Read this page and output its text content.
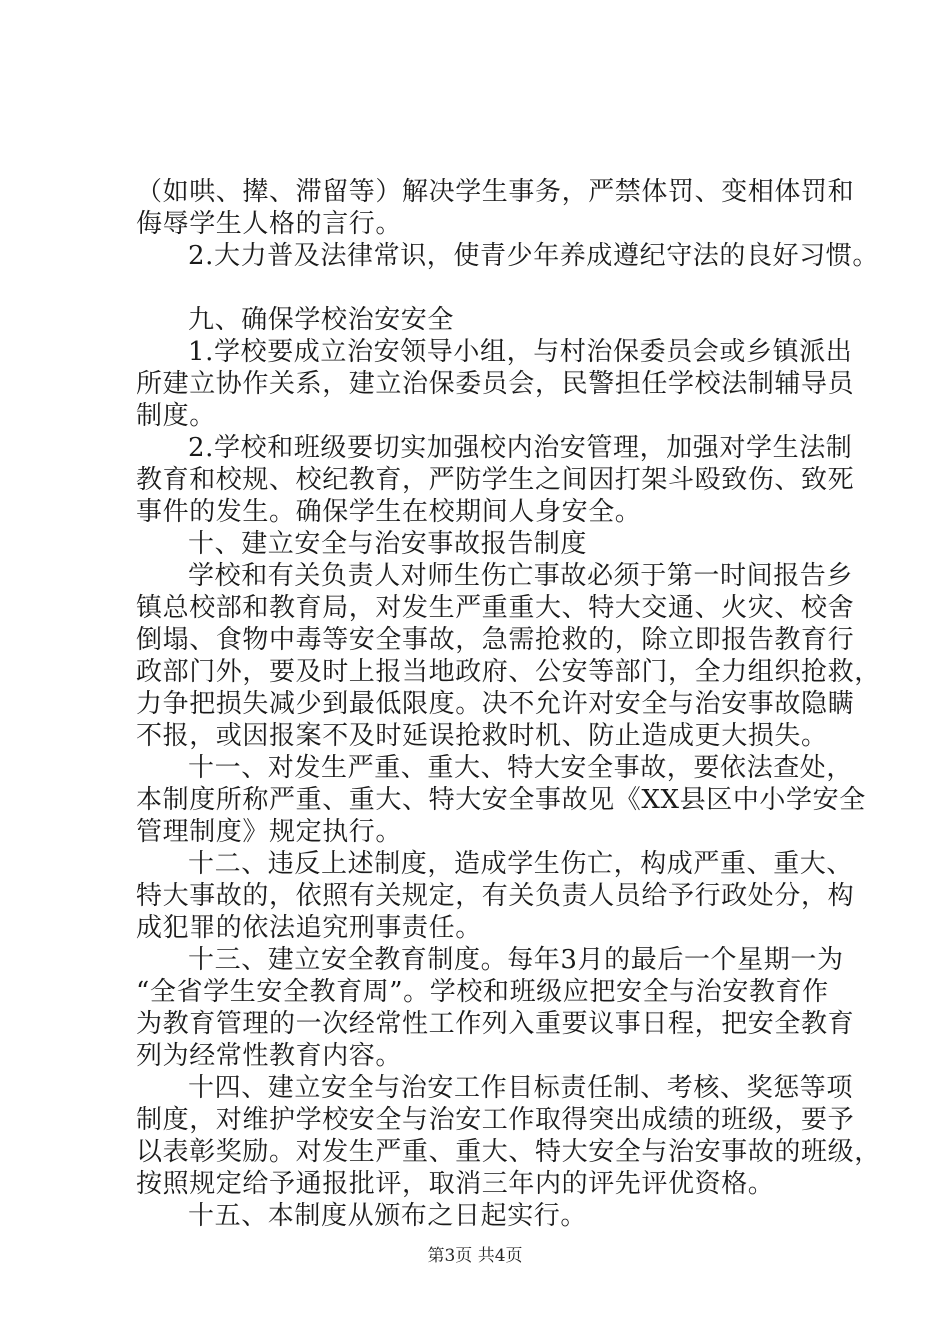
（如哄、撵、滞留等）解决学生事务，严禁体罚、变相体罚和
侮辱学生人格的言行。
2.大力普及法律常识，使青少年养成遵纪守法的良好习惯。
九、确保学校治安安全
1.学校要成立治安领导小组，与村治保委员会或乡镇派出
所建立协作关系，建立治保委员会，民警担任学校法制辅导员
制度。
2.学校和班级要切实加强校内治安管理，加强对学生法制
教育和校规、校纪教育，严防学生之间因打架斗殴致伤、致死
事件的发生。确保学生在校期间人身安全。
十、建立安全与治安事故报告制度
学校和有关负责人对师生伤亡事故必须于第一时间报告乡
镇总校部和教育局，对发生严重重大、特大交通、火灾、校舍
倒塌、食物中毒等安全事故，急需抢救的，除立即报告教育行
政部门外，要及时上报当地政府、公安等部门，全力组织抢救，
力争把损失减少到最低限度。决不允许对安全与治安事故隐瞒
不报，或因报案不及时延误抢救时机、防止造成更大损失。
十一、对发生严重、重大、特大安全事故，要依法查处，
本制度所称严重、重大、特大安全事故见《XX县区中小学安全
管理制度》规定执行。
十二、违反上述制度，造成学生伤亡，构成严重、重大、
特大事故的，依照有关规定，有关负责人员给予行政处分，构
成犯罪的依法追究刑事责任。
十三、建立安全教育制度。每年3月的最后一个星期一为
“全省学生安全教育周”。学校和班级应把安全与治安教育作
为教育管理的一次经常性工作列入重要议事日程，把安全教育
列为经常性教育内容。
十四、建立安全与治安工作目标责任制、考核、奖惩等项
制度，对维护学校安全与治安工作取得突出成绩的班级，要予
以表彰奖励。对发生严重、重大、特大安全与治安事故的班级，
按照规定给予通报批评，取消三年内的评先评优资格。
十五、本制度从颁布之日起实行。
第3页 共4页
